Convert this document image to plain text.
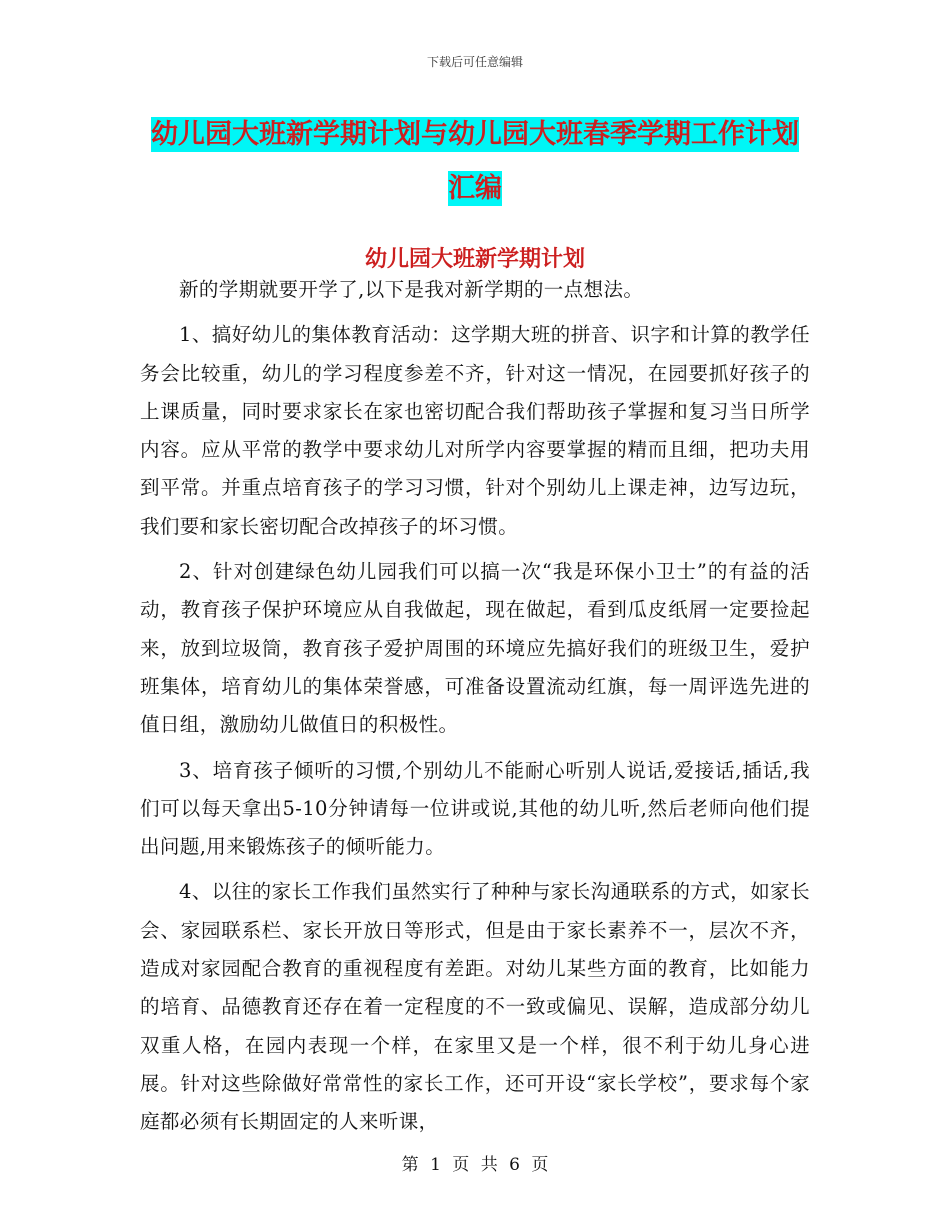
下载后可任意编辑
幼儿园大班新学期计划与幼儿园大班春季学期工作计划汇编
幼儿园大班新学期计划

新的学期就要开学了,以下是我对新学期的一点想法。

1、搞好幼儿的集体教育活动：这学期大班的拼音、识字和计算的教学任务会比较重，幼儿的学习程度参差不齐，针对这一情况，在园要抓好孩子的上课质量，同时要求家长在家也密切配合我们帮助孩子掌握和复习当日所学内容。应从平常的教学中要求幼儿对所学内容要掌握的精而且细，把功夫用到平常。并重点培育孩子的学习习惯，针对个别幼儿上课走神，边写边玩，我们要和家长密切配合改掉孩子的坏习惯。

2、针对创建绿色幼儿园我们可以搞一次“我是环保小卫士”的有益的活动，教育孩子保护环境应从自我做起，现在做起，看到瓜皮纸屑一定要捡起来，放到垃圾筒，教育孩子爱护周围的环境应先搞好我们的班级卫生，爱护班集体，培育幼儿的集体荣誉感，可准备设置流动红旗，每一周评选先进的值日组，激励幼儿做值日的积极性。

3、培育孩子倾听的习惯,个别幼儿不能耐心听别人说话,爱接话,插话,我们可以每天拿出5-10分钟请每一位讲或说,其他的幼儿听,然后老师向他们提出问题,用来锻炼孩子的倾听能力。

4、以往的家长工作我们虽然实行了种种与家长沟通联系的方式，如家长会、家园联系栏、家长开放日等形式，但是由于家长素养不一，层次不齐，造成对家园配合教育的重视程度有差距。对幼儿某些方面的教育，比如能力的培育、品德教育还存在着一定程度的不一致或偏见、误解，造成部分幼儿双重人格，在园内表现一个样，在家里又是一个样，很不利于幼儿身心进展。针对这些除做好常常性的家长工作，还可开设“家长学校”，要求每个家庭都必须有长期固定的人来听课，

第 1 页 共 6 页
